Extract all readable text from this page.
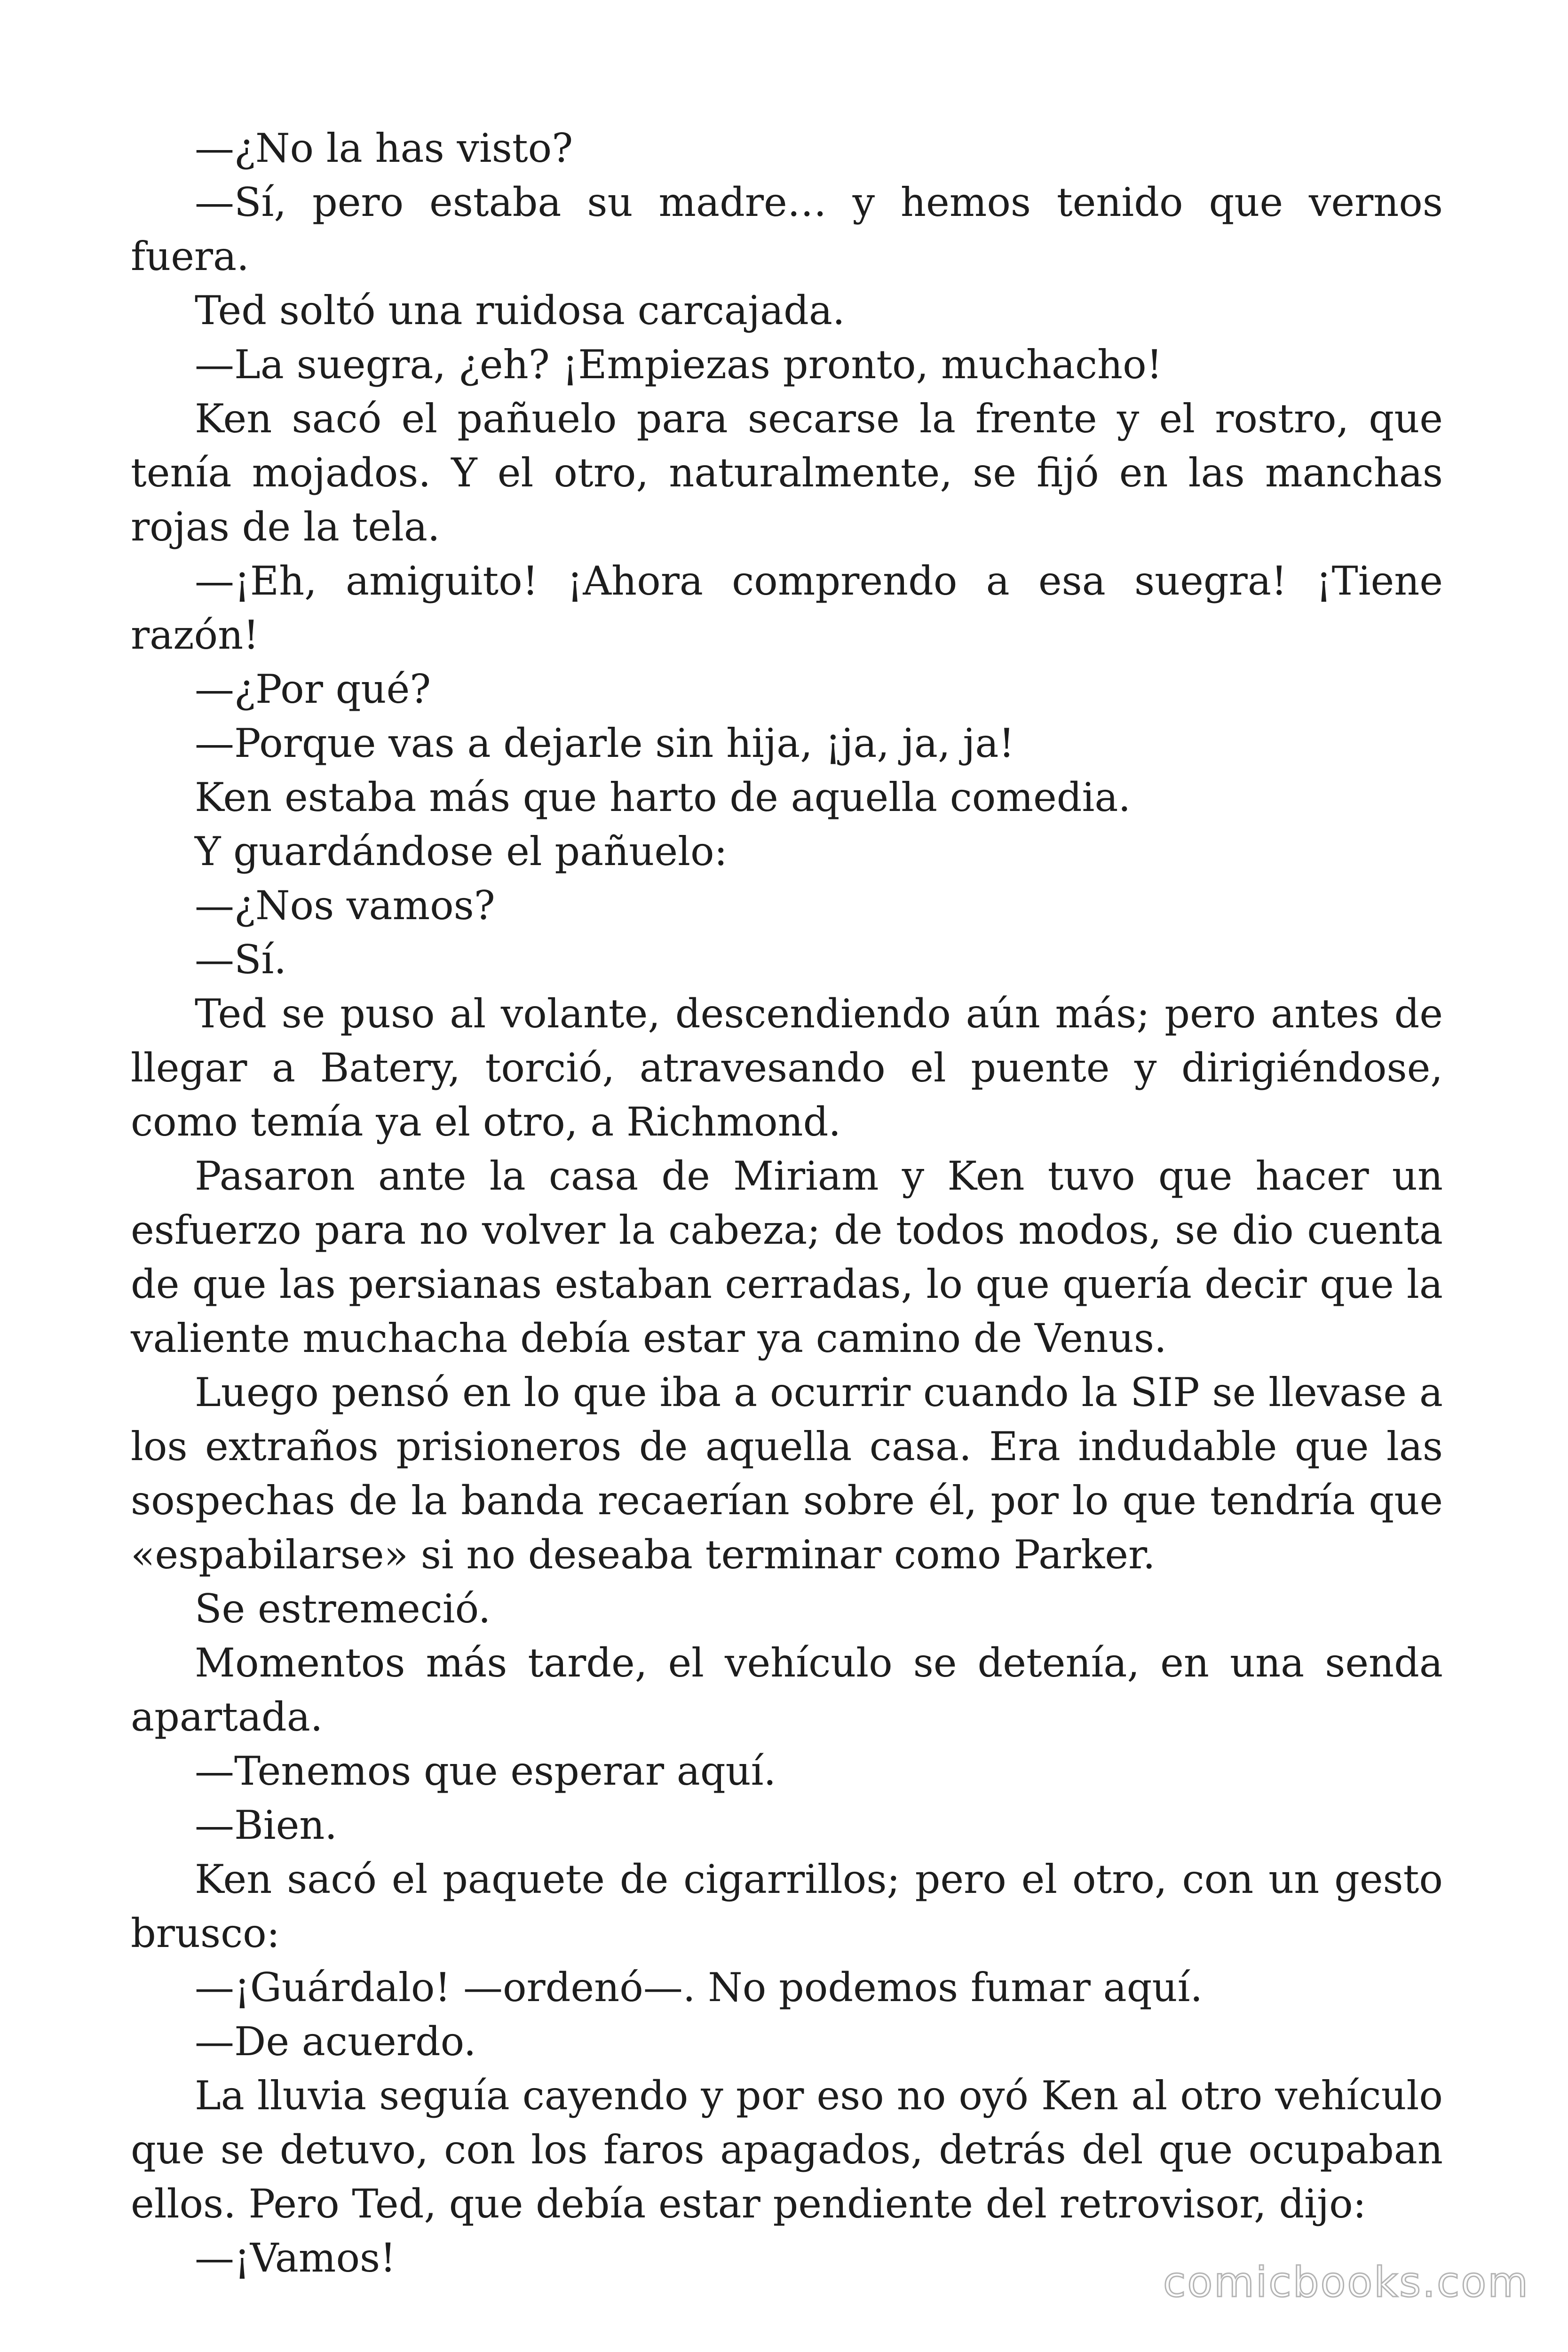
—¿No la has visto?

—Sí, pero estaba su madre… y hemos tenido que vernos fuera.

Ted soltó una ruidosa carcajada.

—La suegra, ¿eh? ¡Empiezas pronto, muchacho!

Ken sacó el pañuelo para secarse la frente y el rostro, que tenía mojados. Y el otro, naturalmente, se fijó en las manchas rojas de la tela.

—¡Eh, amiguito! ¡Ahora comprendo a esa suegra! ¡Tiene razón!

—¿Por qué?

—Porque vas a dejarle sin hija, ¡ja, ja, ja!

Ken estaba más que harto de aquella comedia.

Y guardándose el pañuelo:

—¿Nos vamos?

—Sí.

Ted se puso al volante, descendiendo aún más; pero antes de llegar a Batery, torció, atravesando el puente y dirigiéndose, como temía ya el otro, a Richmond.

Pasaron ante la casa de Miriam y Ken tuvo que hacer un esfuerzo para no volver la cabeza; de todos modos, se dio cuenta de que las persianas estaban cerradas, lo que quería decir que la valiente muchacha debía estar ya camino de Venus.

Luego pensó en lo que iba a ocurrir cuando la SIP se llevase a los extraños prisioneros de aquella casa. Era indudable que las sospechas de la banda recaerían sobre él, por lo que tendría que «espabilarse» si no deseaba terminar como Parker.

Se estremeció.

Momentos más tarde, el vehículo se detenía, en una senda apartada.

—Tenemos que esperar aquí.

—Bien.

Ken sacó el paquete de cigarrillos; pero el otro, con un gesto brusco:

—¡Guárdalo! —ordenó—. No podemos fumar aquí.

—De acuerdo.

La lluvia seguía cayendo y por eso no oyó Ken al otro vehículo que se detuvo, con los faros apagados, detrás del que ocupaban ellos. Pero Ted, que debía estar pendiente del retrovisor, dijo:

—¡Vamos!	comicbooks.com
